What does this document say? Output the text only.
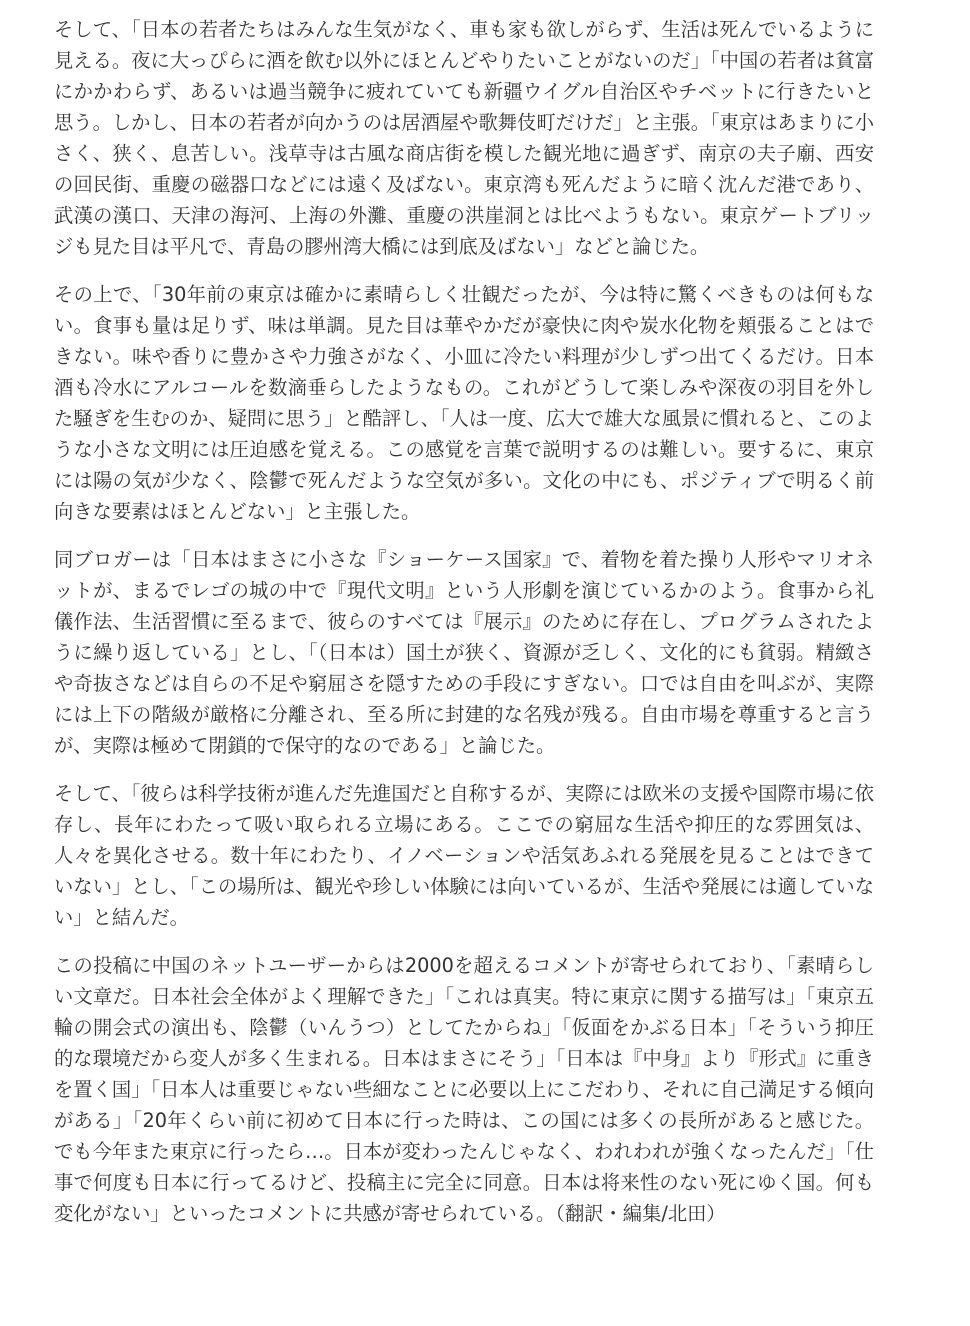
そして、「日本の若者たちはみんな生気がなく、車も家も欲しがらず、生活は死んでいるように見える。夜に大っぴらに酒を飲む以外にほとんどやりたいことがないのだ」「中国の若者は貧富にかかわらず、あるいは過当競争に疲れていても新疆ウイグル自治区やチベットに行きたいと思う。しかし、日本の若者が向かうのは居酒屋や歌舞伎町だけだ」と主張。「東京はあまりに小さく、狭く、息苦しい。浅草寺は古風な商店街を模した観光地に過ぎず、南京の夫子廟、西安の回民街、重慶の磁器口などには遠く及ばない。東京湾も死んだように暗く沈んだ港であり、武漢の漢口、天津の海河、上海の外灘、重慶の洪崖洞とは比べようもない。東京ゲートブリッジも見た目は平凡で、青島の膠州湾大橋には到底及ばない」などと論じた。

その上で、「30年前の東京は確かに素晴らしく壮観だったが、今は特に驚くべきものは何もない。食事も量は足りず、味は単調。見た目は華やかだが豪快に肉や炭水化物を頬張ることはできない。味や香りに豊かさや力強さがなく、小皿に冷たい料理が少しずつ出てくるだけ。日本酒も冷水にアルコールを数滴垂らしたようなもの。これがどうして楽しみや深夜の羽目を外した騒ぎを生むのか、疑問に思う」と酷評し、「人は一度、広大で雄大な風景に慣れると、このような小さな文明には圧迫感を覚える。この感覚を言葉で説明するのは難しい。要するに、東京には陽の気が少なく、陰鬱で死んだような空気が多い。文化の中にも、ポジティブで明るく前向きな要素はほとんどない」と主張した。

同ブロガーは「日本はまさに小さな『ショーケース国家』で、着物を着た操り人形やマリオネットが、まるでレゴの城の中で『現代文明』という人形劇を演じているかのよう。食事から礼儀作法、生活習慣に至るまで、彼らのすべては『展示』のために存在し、プログラムされたように繰り返している」とし、「（日本は）国土が狭く、資源が乏しく、文化的にも貧弱。精緻さや奇抜さなどは自らの不足や窮屈さを隠すための手段にすぎない。口では自由を叫ぶが、実際には上下の階級が厳格に分離され、至る所に封建的な名残が残る。自由市場を尊重すると言うが、実際は極めて閉鎖的で保守的なのである」と論じた。

そして、「彼らは科学技術が進んだ先進国だと自称するが、実際には欧米の支援や国際市場に依存し、長年にわたって吸い取られる立場にある。ここでの窮屈な生活や抑圧的な雰囲気は、人々を異化させる。数十年にわたり、イノベーションや活気あふれる発展を見ることはできていない」とし、「この場所は、観光や珍しい体験には向いているが、生活や発展には適していない」と結んだ。

この投稿に中国のネットユーザーからは2000を超えるコメントが寄せられており、「素晴らしい文章だ。日本社会全体がよく理解できた」「これは真実。特に東京に関する描写は」「東京五輪の開会式の演出も、陰鬱（いんうつ）としてたからね」「仮面をかぶる日本」「そういう抑圧的な環境だから変人が多く生まれる。日本はまさにそう」「日本は『中身』より『形式』に重きを置く国」「日本人は重要じゃない些細なことに必要以上にこだわり、それに自己満足する傾向がある」「20年くらい前に初めて日本に行った時は、この国には多くの長所があると感じた。でも今年また東京に行ったら…。日本が変わったんじゃなく、われわれが強くなったんだ」「仕事で何度も日本に行ってるけど、投稿主に完全に同意。日本は将来性のない死にゆく国。何も変化がない」といったコメントに共感が寄せられている。（翻訳・編集/北田）
